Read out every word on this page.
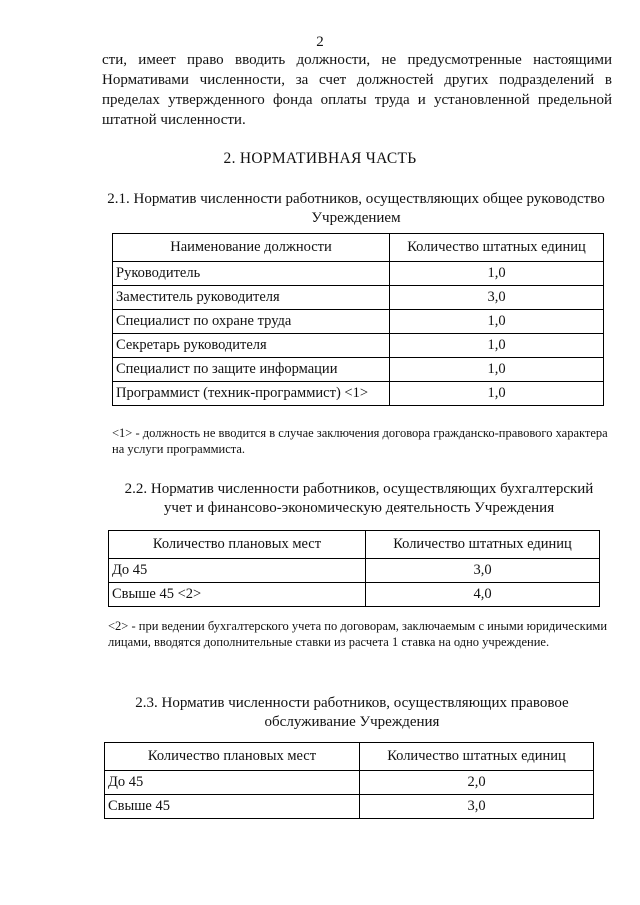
2
сти, имеет право вводить должности, не предусмотренные настоящими Нормативами численности, за счет должностей других подразделений в пределах утвержденного фонда оплаты труда и установленной предельной штатной численности.
2. НОРМАТИВНАЯ ЧАСТЬ
2.1. Норматив численности работников, осуществляющих общее руководство Учреждением
Наименование должности	Количество штатных единиц
Руководитель	1,0
Заместитель руководителя	3,0
Специалист по охране труда	1,0
Секретарь руководителя	1,0
Специалист по защите информации	1,0
Программист (техник-программист) <1>	1,0
<1> - должность не вводится в случае заключения договора гражданско-правового характера на услуги программиста.
2.2. Норматив численности работников, осуществляющих бухгалтерский учет и финансово-экономическую деятельность Учреждения
Количество плановых мест	Количество штатных единиц
До 45	3,0
Свыше 45 <2>	4,0
<2> - при ведении бухгалтерского учета по договорам, заключаемым с иными юридическими лицами, вводятся дополнительные ставки из расчета 1 ставка на одно учреждение.
2.3. Норматив численности работников, осуществляющих правовое обслуживание Учреждения
Количество плановых мест	Количество штатных единиц
До 45	2,0
Свыше 45	3,0
